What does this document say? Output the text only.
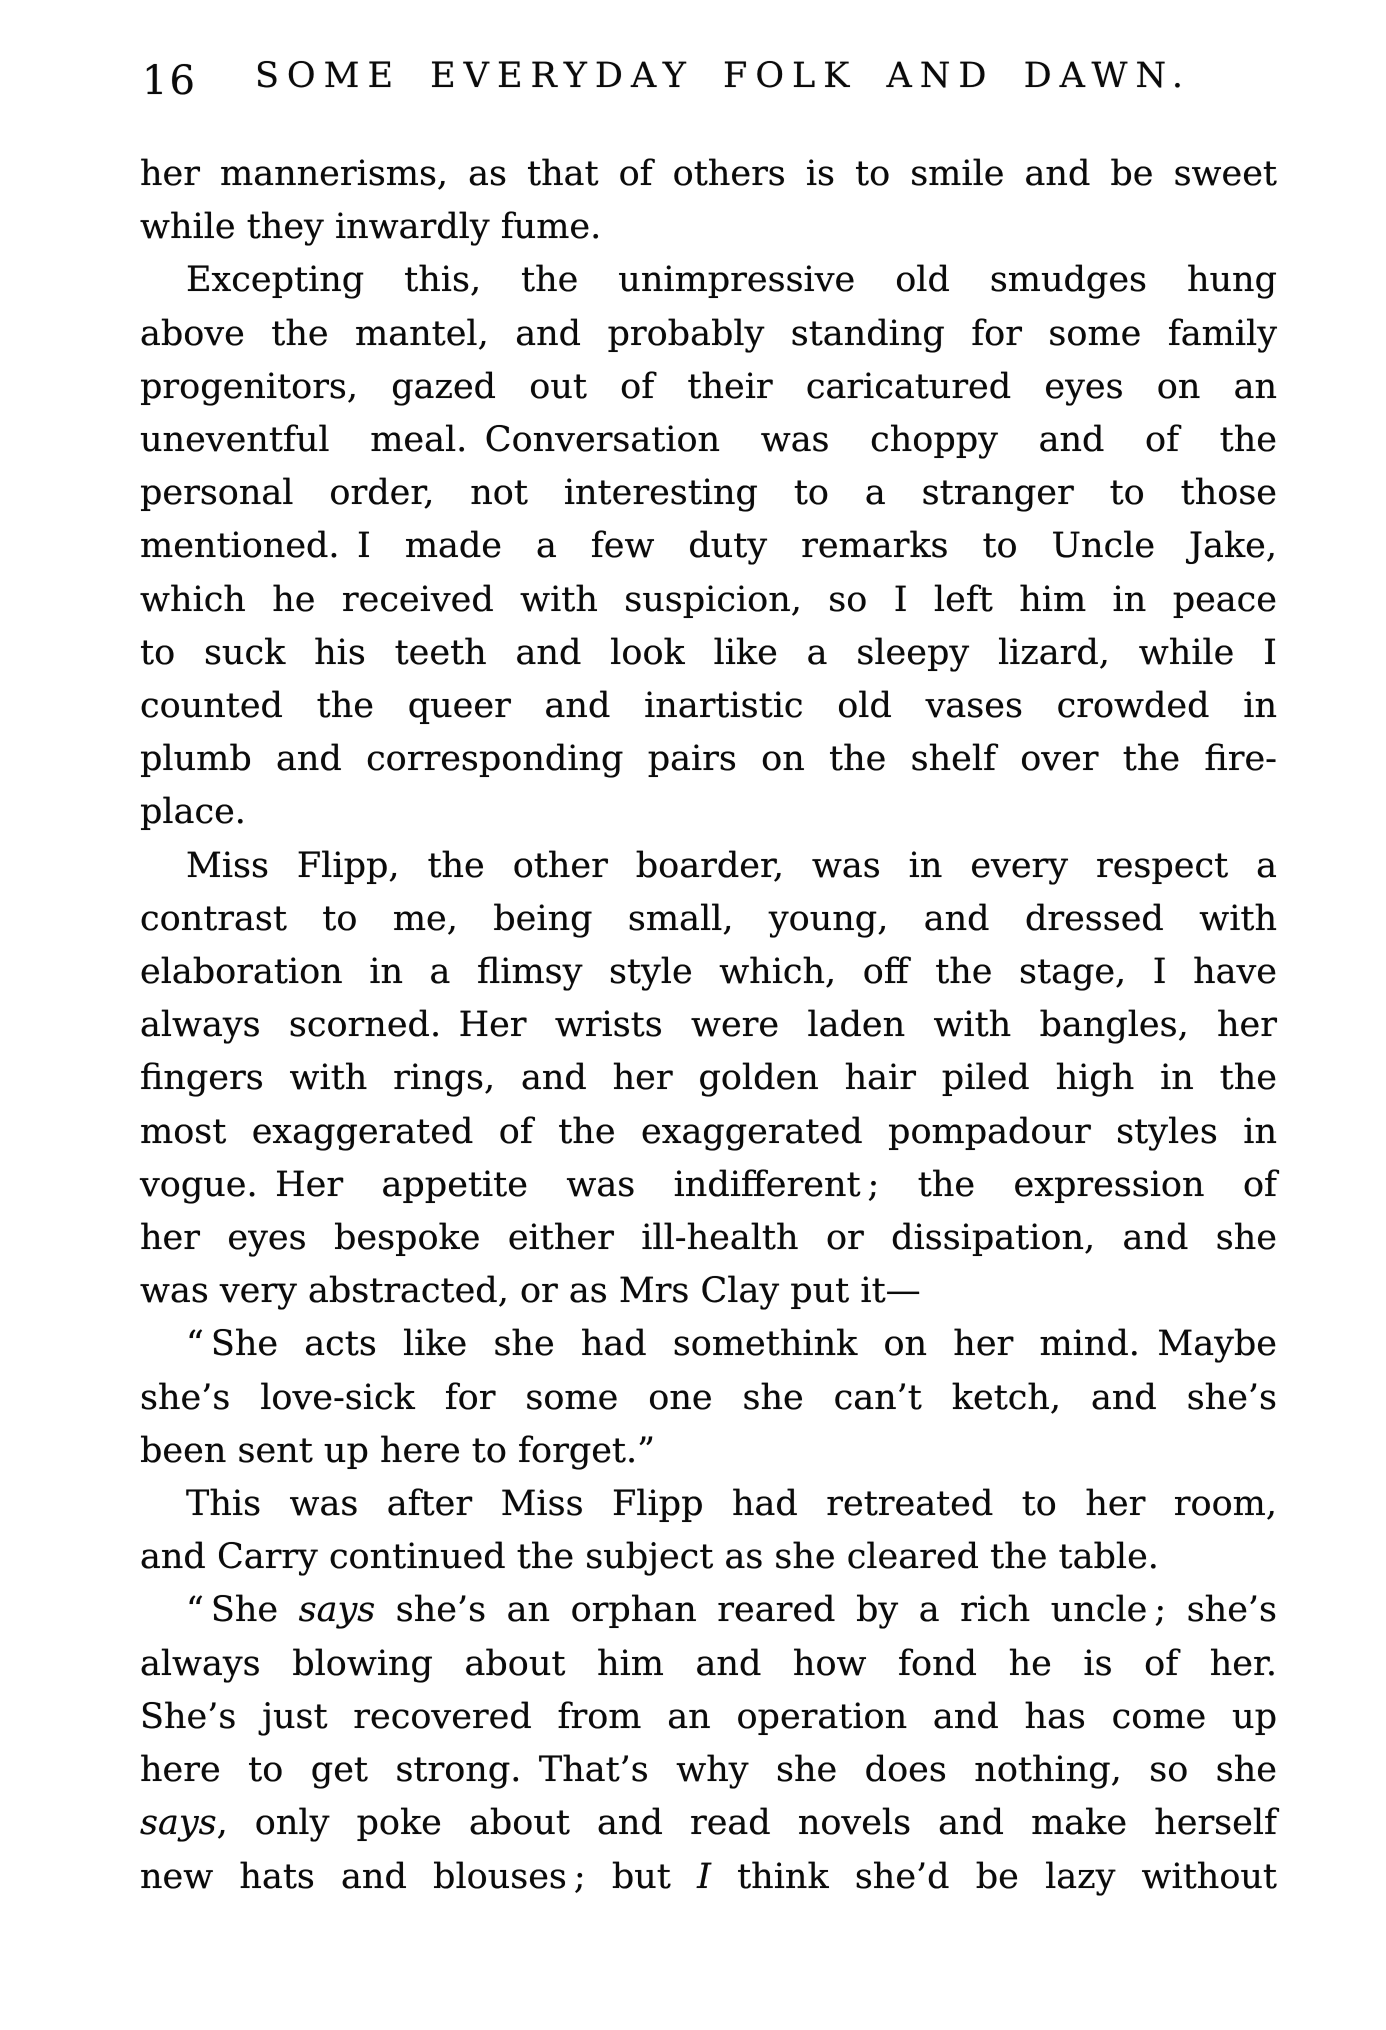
16	SOME EVERYDAY FOLK AND DAWN.
her mannerisms, as that of others is to smile and be sweet
while they inwardly fume.
Excepting this, the unimpressive old smudges hung
above the mantel, and probably standing for some family
progenitors, gazed out of their caricatured eyes on an
uneventful meal. Conversation was choppy and of the
personal order, not interesting to a stranger to those
mentioned. I made a few duty remarks to Uncle Jake,
which he received with suspicion, so I left him in peace
to suck his teeth and look like a sleepy lizard, while I
counted the queer and inartistic old vases crowded in
plumb and corresponding pairs on the shelf over the fire-
place.
Miss Flipp, the other boarder, was in every respect a
contrast to me, being small, young, and dressed with
elaboration in a flimsy style which, off the stage, I have
always scorned. Her wrists were laden with bangles, her
fingers with rings, and her golden hair piled high in the
most exaggerated of the exaggerated pompadour styles in
vogue. Her appetite was indifferent ; the expression of
her eyes bespoke either ill-health or dissipation, and she
was very abstracted, or as Mrs Clay put it—
“ She acts like she had somethink on her mind. Maybe
she’s love-sick for some one she can’t ketch, and she’s
been sent up here to forget.”
This was after Miss Flipp had retreated to her room,
and Carry continued the subject as she cleared the table.
“ She says she’s an orphan reared by a rich uncle ; she’s
always blowing about him and how fond he is of her.
She’s just recovered from an operation and has come up
here to get strong. That’s why she does nothing, so she
says, only poke about and read novels and make herself
new hats and blouses ; but I think she’d be lazy without
